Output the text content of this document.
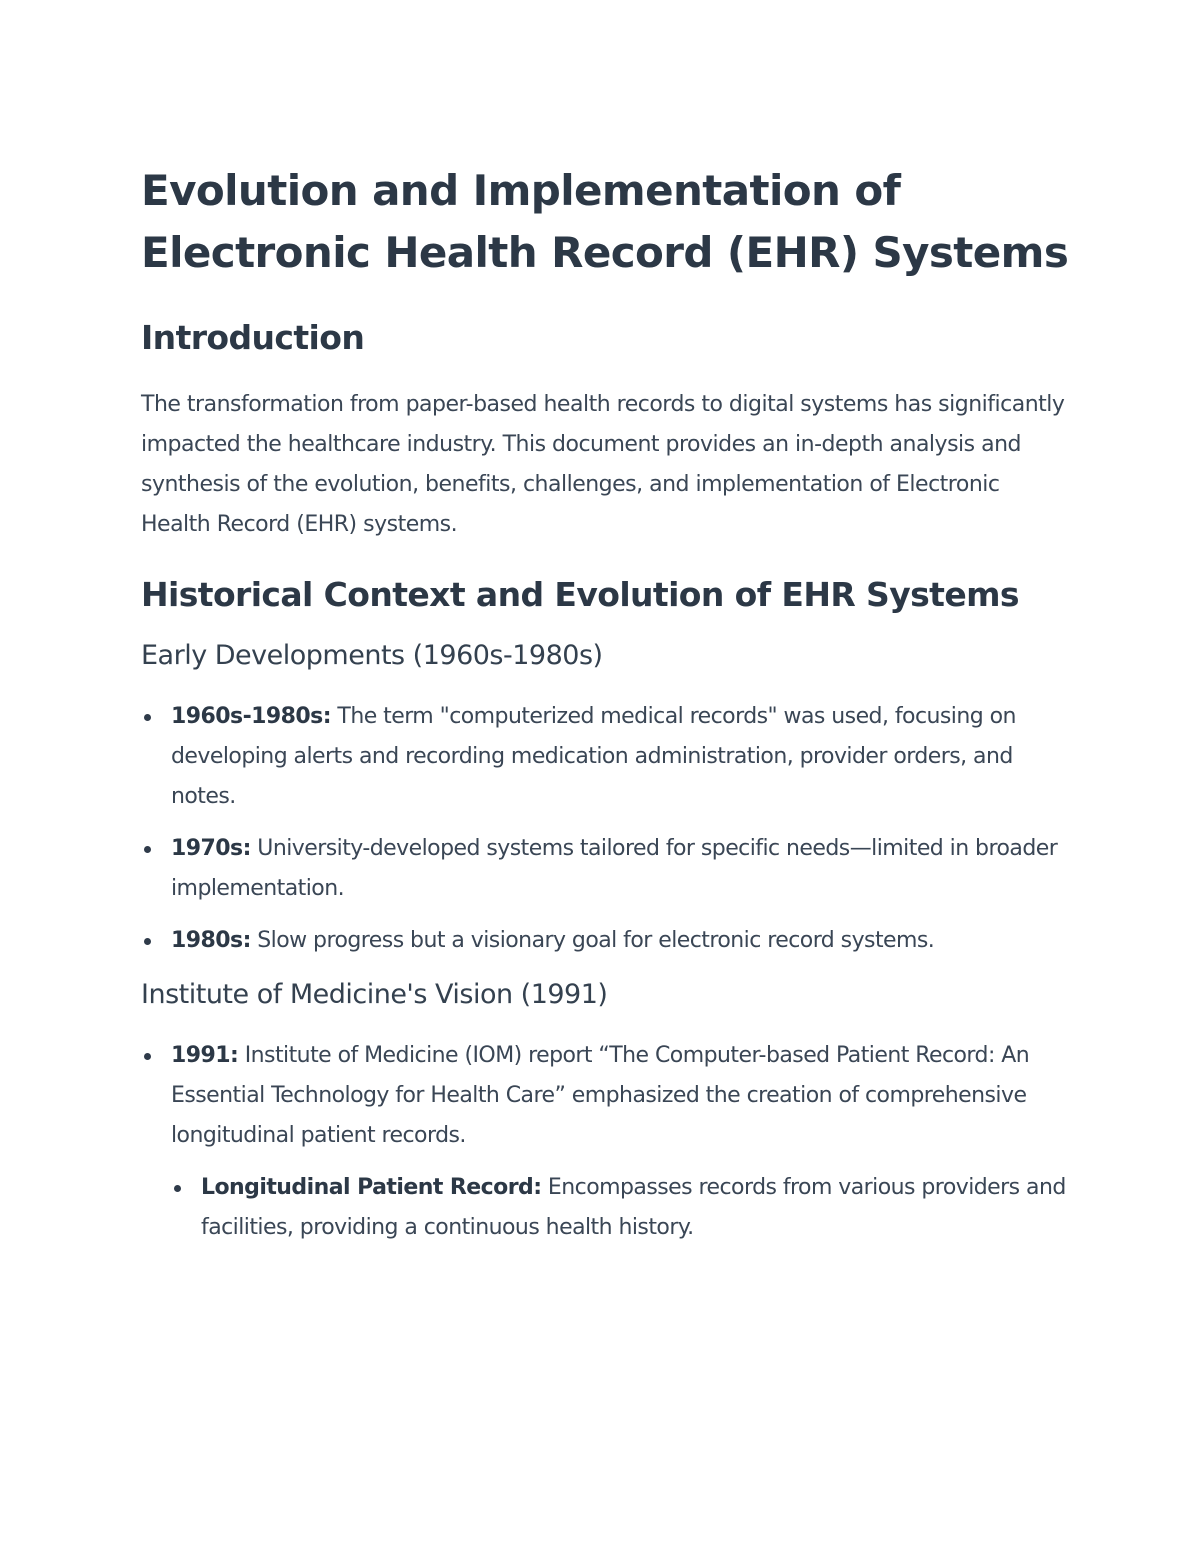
Evolution and Implementation of Electronic Health Record (EHR) Systems
Introduction

The transformation from paper-based health records to digital systems has significantly impacted the healthcare industry. This document provides an in-depth analysis and synthesis of the evolution, benefits, challenges, and implementation of Electronic Health Record (EHR) systems.

Historical Context and Evolution of EHR Systems
Early Developments (1960s-1980s)
1960s-1980s: The term "computerized medical records" was used, focusing on developing alerts and recording medication administration, provider orders, and notes.
1970s: University-developed systems tailored for specific needs—limited in broader implementation.
1980s: Slow progress but a visionary goal for electronic record systems.
Institute of Medicine's Vision (1991)
1991: Institute of Medicine (IOM) report “The Computer-based Patient Record: An Essential Technology for Health Care” emphasized the creation of comprehensive longitudinal patient records.
Longitudinal Patient Record: Encompasses records from various providers and facilities, providing a continuous health history.
